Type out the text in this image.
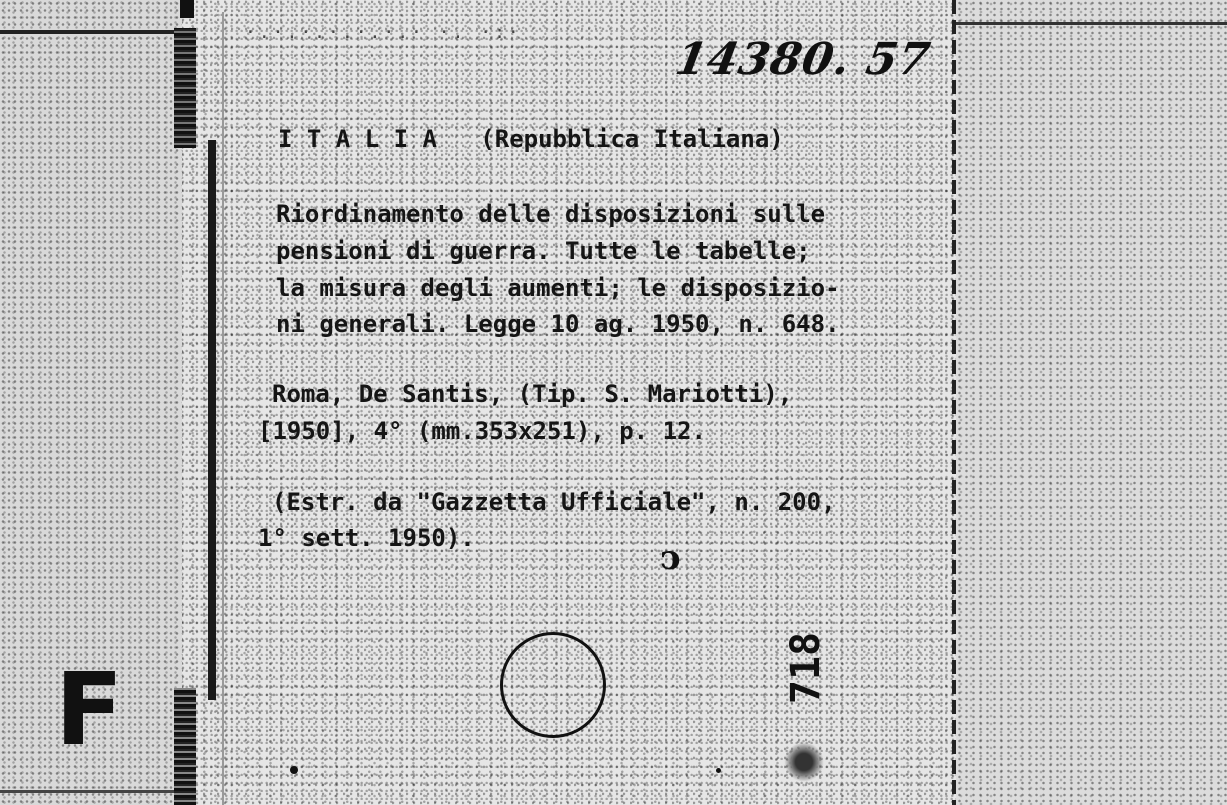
·.·.·.·.·.·.· ·. ·:·
14380. 57
I T A L I A   (Repubblica Italiana)
Riordinamento delle disposizioni sulle
pensioni di guerra. Tutte le tabelle;
la misura degli aumenti; le disposizio-
ni generali. Legge 10 ag. 1950, n. 648.
Roma, De Santis, (Tip. S. Mariotti),
[1950], 4° (mm.353x251), p. 12.
(Estr. da "Gazzetta Ufficiale", n. 200,
1° sett. 1950).	ↄ
718
F
